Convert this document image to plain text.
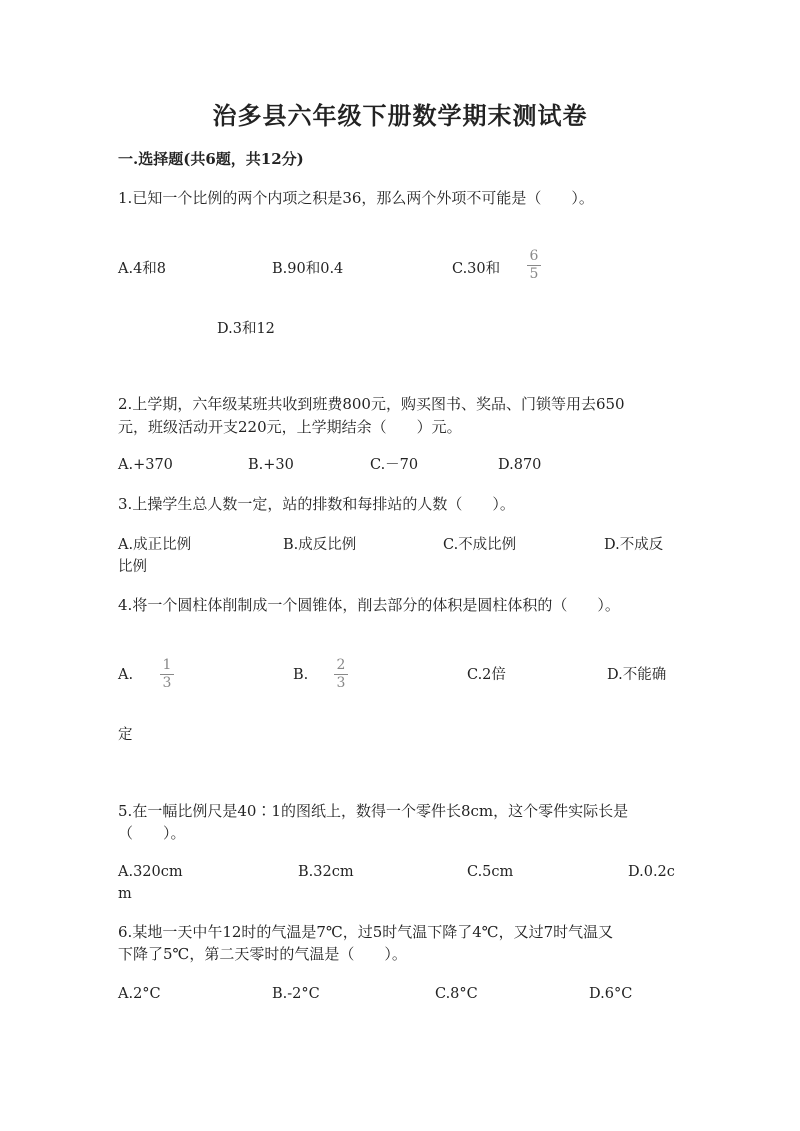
治多县六年级下册数学期末测试卷
一.选择题(共6题，共12分)
1.已知一个比例的两个内项之积是36，那么两个外项不可能是（　　）。
A.4和8	B.90和0.4	C.30和
6
5
D.3和12
2.上学期，六年级某班共收到班费800元，购买图书、奖品、门锁等用去650
元，班级活动开支220元，上学期结余（　　）元。
A.+370	B.+30	C.－70	D.870
3.上操学生总人数一定，站的排数和每排站的人数（　　）。
A.成正比例	B.成反比例	C.不成比例	D.不成反
比例
4.将一个圆柱体削制成一个圆锥体，削去部分的体积是圆柱体积的（　　）。
A.
1
3	B.
2
3	C.2倍	D.不能确
定
5.在一幅比例尺是40∶1的图纸上，数得一个零件长8cm，这个零件实际长是
（　　）。
A.320cm	B.32cm	C.5cm	D.0.2c
m
6.某地一天中午12时的气温是7℃，过5时气温下降了4℃，又过7时气温又
下降了5℃，第二天零时的气温是（　　）。
A.2°C	B.-2°C	C.8°C	D.6°C
